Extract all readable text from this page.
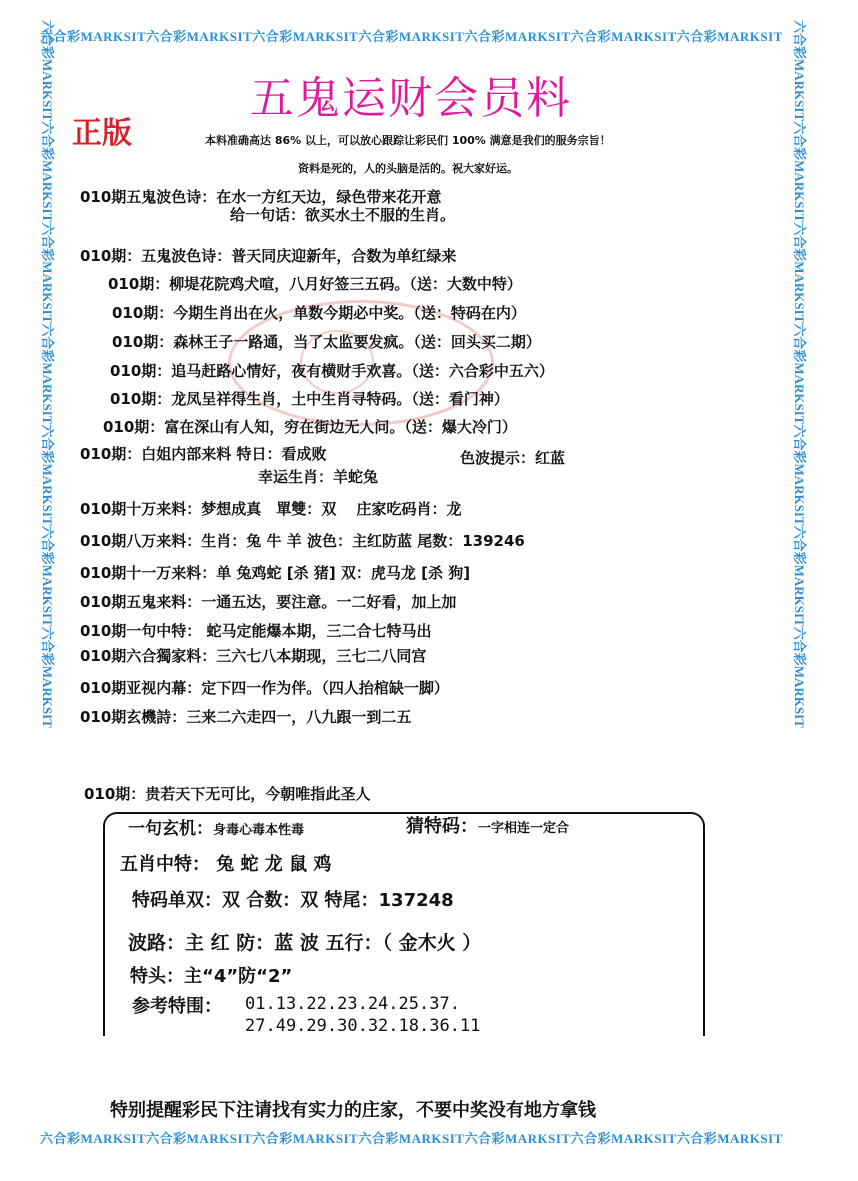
六合彩MARKSIT六合彩MARKSIT六合彩MARKSIT六合彩MARKSIT六合彩MARKSIT六合彩MARKSIT六合彩MARKSIT
六合彩MARKSIT六合彩MARKSIT六合彩MARKSIT六合彩MARKSIT六合彩MARKSIT六合彩MARKSIT六合彩MARKSIT
六合彩MARKSIT六合彩MARKSIT六合彩MARKSIT六合彩MARKSIT六合彩MARKSIT六合彩MARKSIT六合彩MARKSIT	六合彩MARKSIT六合彩MARKSIT六合彩MARKSIT六合彩MARKSIT六合彩MARKSIT六合彩MARKSIT六合彩MARKSIT
五鬼运财会员料
正版	本料准确高达 86% 以上，可以放心跟踪让彩民们 100% 满意是我们的服务宗旨！
资料是死的，人的头脑是活的。祝大家好运。
010期五鬼波色诗：在水一方红天边，绿色带来花开意
给一句话：欲买水土不服的生肖。
010期：五鬼波色诗：普天同庆迎新年，合数为单红绿来
010期：柳堤花院鸡犬喧，八月好签三五码。（送：大数中特）
010期：今期生肖出在火，单数今期必中奖。（送：特码在内）
010期：森林王子一路通，当了太监要发疯。（送：回头买二期）
010期：追马赶路心情好，夜有横财手欢喜。（送：六合彩中五六）
010期：龙凤呈祥得生肖，土中生肖寻特码。（送：看门神）
010期：富在深山有人知，穷在街边无人问。（送：爆大冷门）
010期：白姐内部来料 特日：看成败	色波提示：红蓝
幸运生肖：羊蛇兔
010期十万来料：梦想成真　單雙：双　 庄家吃码肖：龙
010期八万来料：生肖：兔 牛 羊 波色：主红防蓝 尾数：139246
010期十一万来料：单 兔鸡蛇 [杀 猪] 双：虎马龙 [杀 狗]
010期五鬼来料：一通五达，要注意。一二好看，加上加
010期一句中特： 蛇马定能爆本期，三二合七特马出
010期六合獨家料：三六七八本期现，三七二八同宫
010期亚视内幕：定下四一作为伴。（四人抬棺缺一脚）
010期玄機詩：三来二六走四一，八九跟一到二五
010期：贵若天下无可比，今朝唯指此圣人
一句玄机：身毒心毒本性毒	猜特码：一字相连一定合
五肖中特： 兔 蛇 龙 鼠 鸡
特码单双：双 合数：双 特尾：137248
波路：主 红 防：蓝 波 五行：（ 金木火 ）
特头：主“4”防“2”
参考特围： 01.13.22.23.24.25.37.
27.49.29.30.32.18.36.11
特别提醒彩民下注请找有实力的庄家，不要中奖没有地方拿钱
